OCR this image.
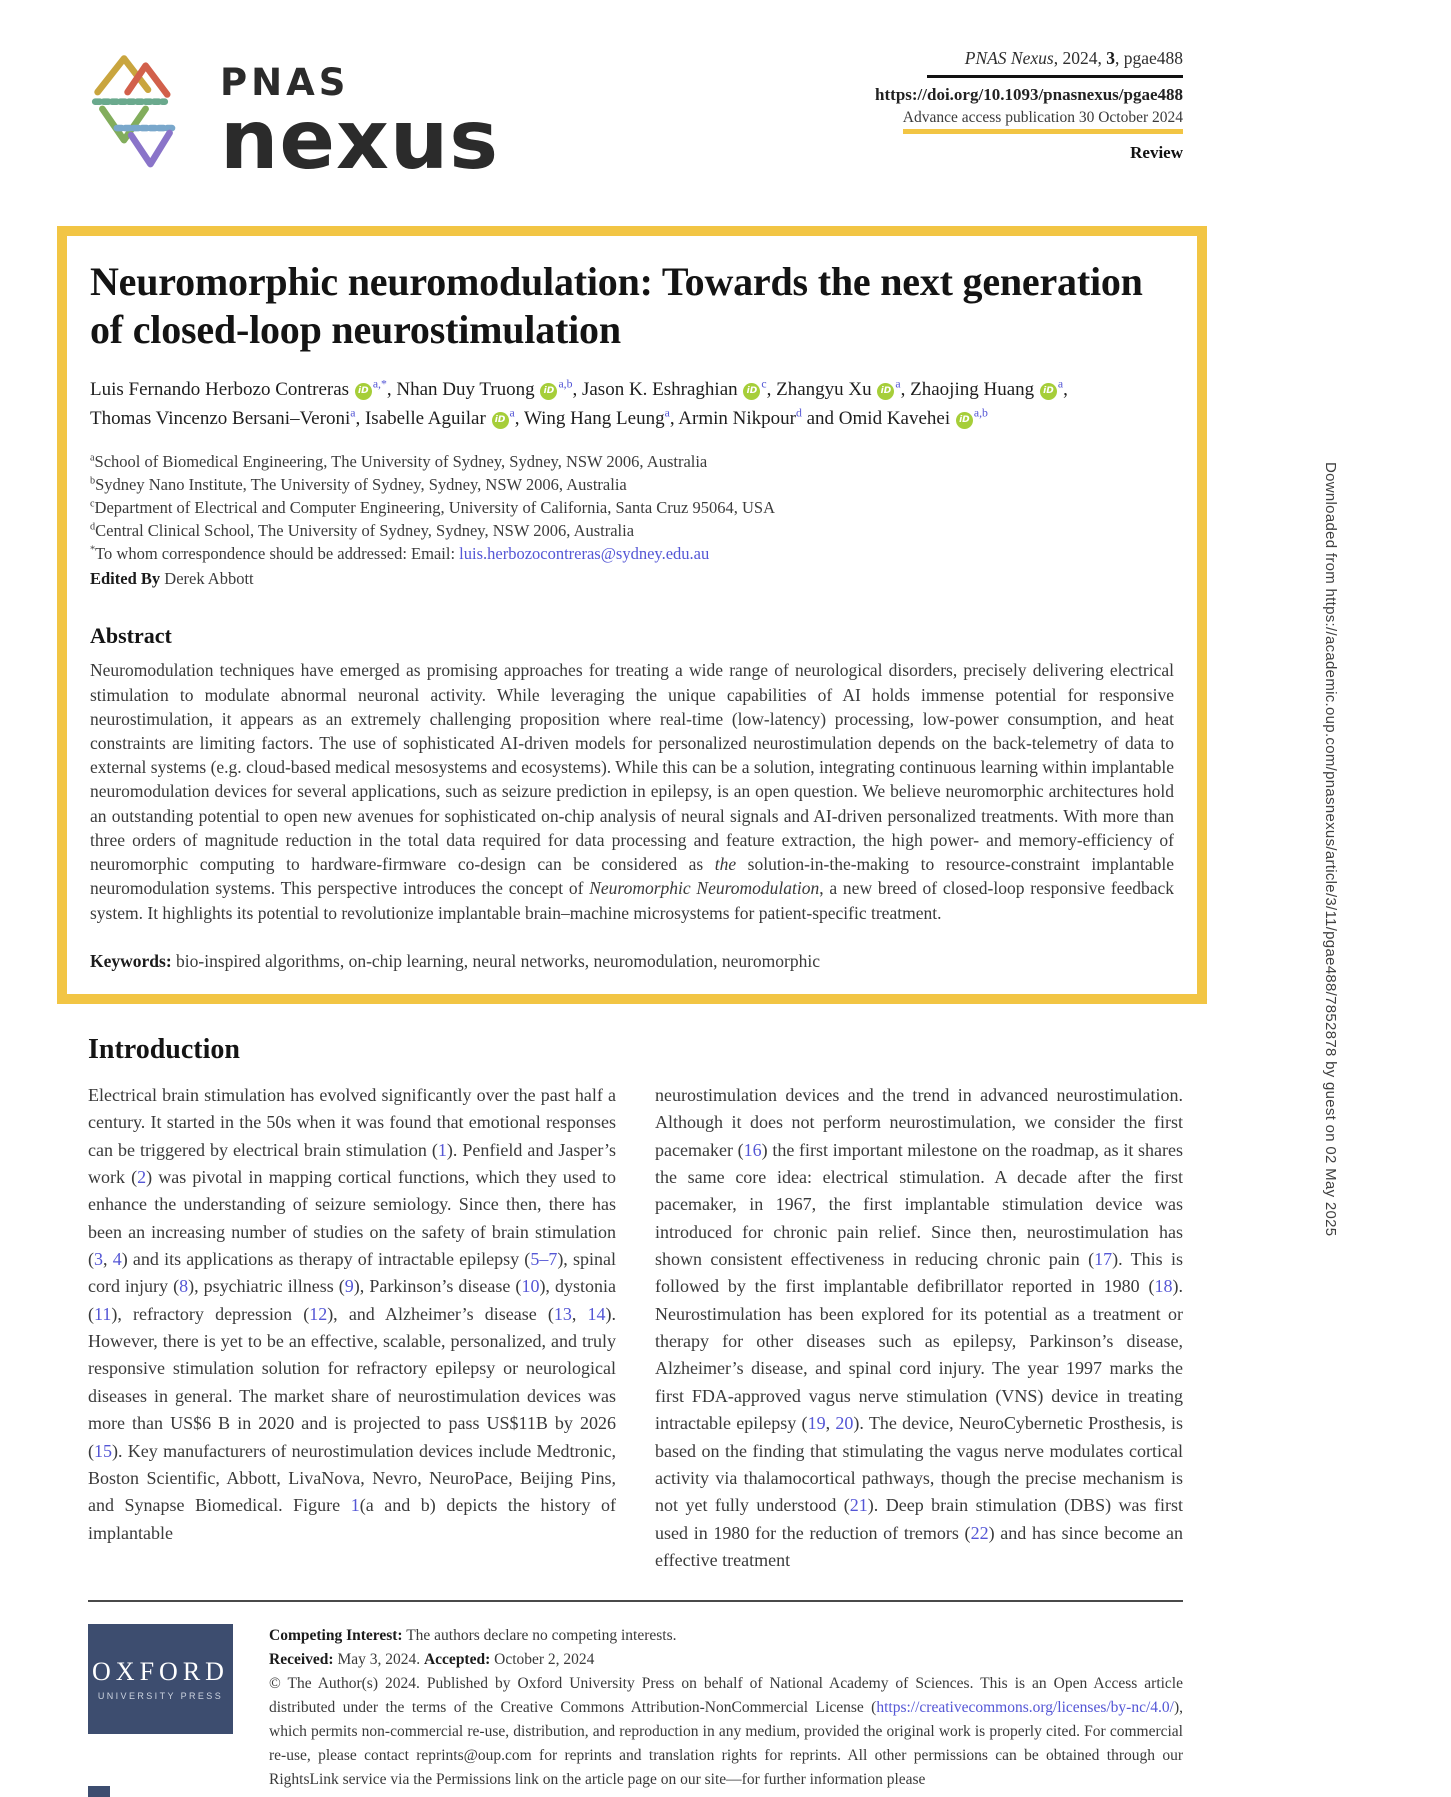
PNAS
nexus
PNAS Nexus, 2024, 3, pgae488
https://doi.org/10.1093/pnasnexus/pgae488
Advance access publication 30 October 2024
Review
Neuromorphic neuromodulation: Towards the next generation of closed-loop neurostimulation
Luis Fernando Herbozo Contreras $iD^{a,*}$, Nhan Duy Truong iD$^{a,b}$, Jason K. Eshraghian $iD^c$, Zhangyu Xu $iD^a$, Zhaojing Huang $iD^a$,
Thomas Vincenzo Bersani–Veroni$^a$, Isabelle Aguilar $iD^a$, Wing Hang Leung$^a$, Armin Nikpour$^d$ and Omid Kavehei iD$^{a,b}$
$^a$School of Biomedical Engineering, The University of Sydney, Sydney, NSW 2006, Australia
$^b$Sydney Nano Institute, The University of Sydney, Sydney, NSW 2006, Australia
$^c$Department of Electrical and Computer Engineering, University of California, Santa Cruz 95064, USA
$^d$Central Clinical School, The University of Sydney, Sydney, NSW 2006, Australia
*To whom correspondence should be addressed: Email: luis.herbozocontreras@sydney.edu.au
Edited By Derek Abbott
Abstract

Neuromodulation techniques have emerged as promising approaches for treating a wide range of neurological disorders, precisely delivering electrical stimulation to modulate abnormal neuronal activity. While leveraging the unique capabilities of AI holds immense potential for responsive neurostimulation, it appears as an extremely challenging proposition where real-time (low-latency) processing, low-power consumption, and heat constraints are limiting factors. The use of sophisticated AI-driven models for personalized neurostimulation depends on the back-telemetry of data to external systems (e.g. cloud-based medical mesosystems and ecosystems). While this can be a solution, integrating continuous learning within implantable neuromodulation devices for several applications, such as seizure prediction in epilepsy, is an open question. We believe neuromorphic architectures hold an outstanding potential to open new avenues for sophisticated on-chip analysis of neural signals and AI-driven personalized treatments. With more than three orders of magnitude reduction in the total data required for data processing and feature extraction, the high power- and memory-efficiency of neuromorphic computing to hardware-firmware co-design can be considered as the solution-in-the-making to resource-constraint implantable neuromodulation systems. This perspective introduces the concept of Neuromorphic Neuromodulation, a new breed of closed-loop responsive feedback system. It highlights its potential to revolutionize implantable brain–machine microsystems for patient-specific treatment.

Keywords: bio-inspired algorithms, on-chip learning, neural networks, neuromodulation, neuromorphic

Introduction

Electrical brain stimulation has evolved significantly over the past half a century. It started in the 50s when it was found that emotional responses can be triggered by electrical brain stimulation (1). Penfield and Jasper’s work (2) was pivotal in mapping cortical functions, which they used to enhance the understanding of seizure semiology. Since then, there has been an increasing number of studies on the safety of brain stimulation (3, 4) and its applications as therapy of intractable epilepsy (5–7), spinal cord injury (8), psychiatric illness (9), Parkinson’s disease (10), dystonia (11), refractory depression (12), and Alzheimer’s disease (13, 14). However, there is yet to be an effective, scalable, personalized, and truly responsive stimulation solution for refractory epilepsy or neurological diseases in general. The market share of neurostimulation devices was more than US$6 B in 2020 and is projected to pass US$11B by 2026 (15). Key manufacturers of neurostimulation devices include Medtronic, Boston Scientific, Abbott, LivaNova, Nevro, NeuroPace, Beijing Pins, and Synapse Biomedical. Figure 1(a and b) depicts the history of implantable

neurostimulation devices and the trend in advanced neurostimulation. Although it does not perform neurostimulation, we consider the first pacemaker (16) the first important milestone on the roadmap, as it shares the same core idea: electrical stimulation. A decade after the first pacemaker, in 1967, the first implantable stimulation device was introduced for chronic pain relief. Since then, neurostimulation has shown consistent effectiveness in reducing chronic pain (17). This is followed by the first implantable defibrillator reported in 1980 (18). Neurostimulation has been explored for its potential as a treatment or therapy for other diseases such as epilepsy, Parkinson’s disease, Alzheimer’s disease, and spinal cord injury. The year 1997 marks the first FDA-approved vagus nerve stimulation (VNS) device in treating intractable epilepsy (19, 20). The device, NeuroCybernetic Prosthesis, is based on the finding that stimulating the vagus nerve modulates cortical activity via thalamocortical pathways, though the precise mechanism is not yet fully understood (21). Deep brain stimulation (DBS) was first used in 1980 for the reduction of tremors (22) and has since become an effective treatment

OXFORD
UNIVERSITY PRESS

Competing Interest: The authors declare no competing interests.

Received: May 3, 2024. Accepted: October 2, 2024

© The Author(s) 2024. Published by Oxford University Press on behalf of National Academy of Sciences. This is an Open Access article distributed under the terms of the Creative Commons Attribution-NonCommercial License (https://creativecommons.org/licenses/by-nc/4.0/), which permits non-commercial re-use, distribution, and reproduction in any medium, provided the original work is properly cited. For commercial re-use, please contact reprints@oup.com for reprints and translation rights for reprints. All other permissions can be obtained through our RightsLink service via the Permissions link on the article page on our site—for further information please

Downloaded from https://academic.oup.com/pnasnexus/article/3/11/pgae488/7852878 by guest on 02 May 2025
